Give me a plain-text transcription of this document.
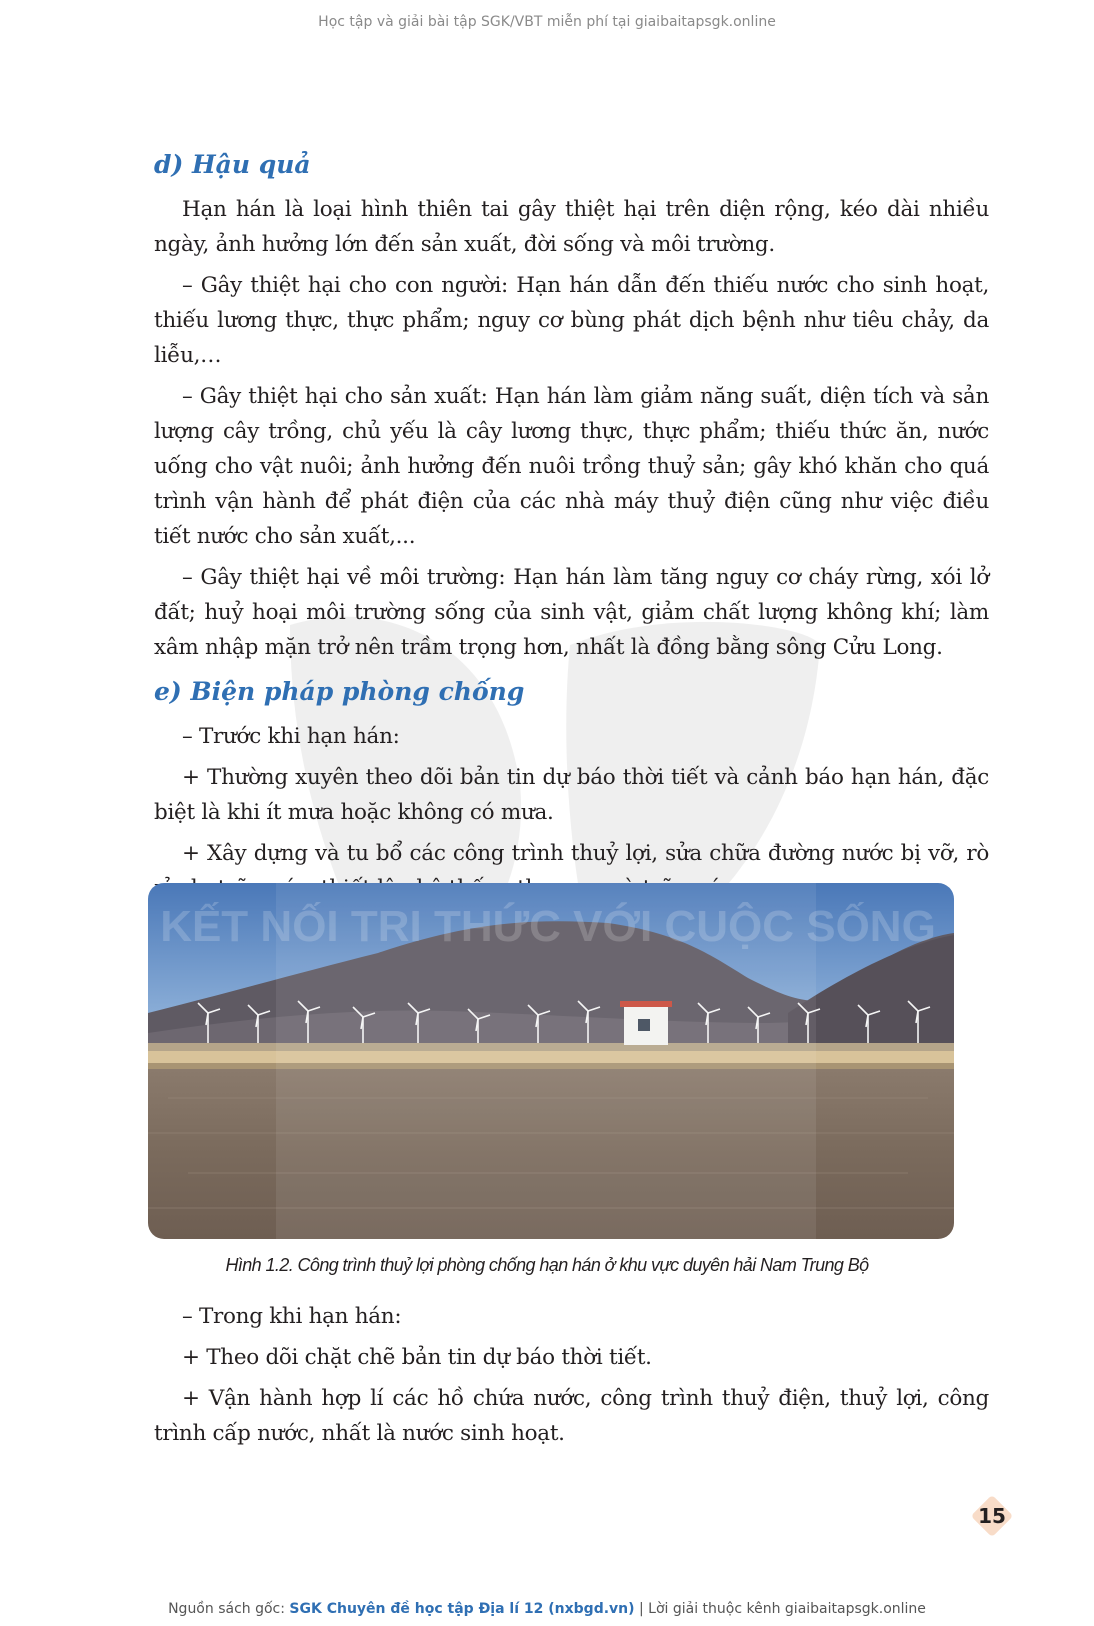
Học tập và giải bài tập SGK/VBT miễn phí tại giaibaitapsgk.online
d) Hậu quả

Hạn hán là loại hình thiên tai gây thiệt hại trên diện rộng, kéo dài nhiều ngày, ảnh hưởng lớn đến sản xuất, đời sống và môi trường.

– Gây thiệt hại cho con người: Hạn hán dẫn đến thiếu nước cho sinh hoạt, thiếu lương thực, thực phẩm; nguy cơ bùng phát dịch bệnh như tiêu chảy, da liễu,…

– Gây thiệt hại cho sản xuất: Hạn hán làm giảm năng suất, diện tích và sản lượng cây trồng, chủ yếu là cây lương thực, thực phẩm; thiếu thức ăn, nước uống cho vật nuôi; ảnh hưởng đến nuôi trồng thuỷ sản; gây khó khăn cho quá trình vận hành để phát điện của các nhà máy thuỷ điện cũng như việc điều tiết nước cho sản xuất,...

– Gây thiệt hại về môi trường: Hạn hán làm tăng nguy cơ cháy rừng, xói lở đất; huỷ hoại môi trường sống của sinh vật, giảm chất lượng không khí; làm xâm nhập mặn trở nên trầm trọng hơn, nhất là đồng bằng sông Cửu Long.

e) Biện pháp phòng chống

– Trước khi hạn hán:

+ Thường xuyên theo dõi bản tin dự báo thời tiết và cảnh báo hạn hán, đặc biệt là khi ít mưa hoặc không có mưa.

+ Xây dựng và tu bổ các công trình thuỷ lợi, sửa chữa đường nước bị vỡ, rò

KẾT NỐI TRI THỨC VỚI CUỘC SỐNG
Hình 1.2. Công trình thuỷ lợi phòng chống hạn hán ở khu vực duyên hải Nam Trung Bộ

– Trong khi hạn hán:

+ Theo dõi chặt chẽ bản tin dự báo thời tiết.

+ Vận hành hợp lí các hồ chứa nước, công trình thuỷ điện, thuỷ lợi, công trình cấp nước, nhất là nước sinh hoạt.

15
Nguồn sách gốc: SGK Chuyên đề học tập Địa lí 12 (nxbgd.vn) | Lời giải thuộc kênh giaibaitapsgk.online
